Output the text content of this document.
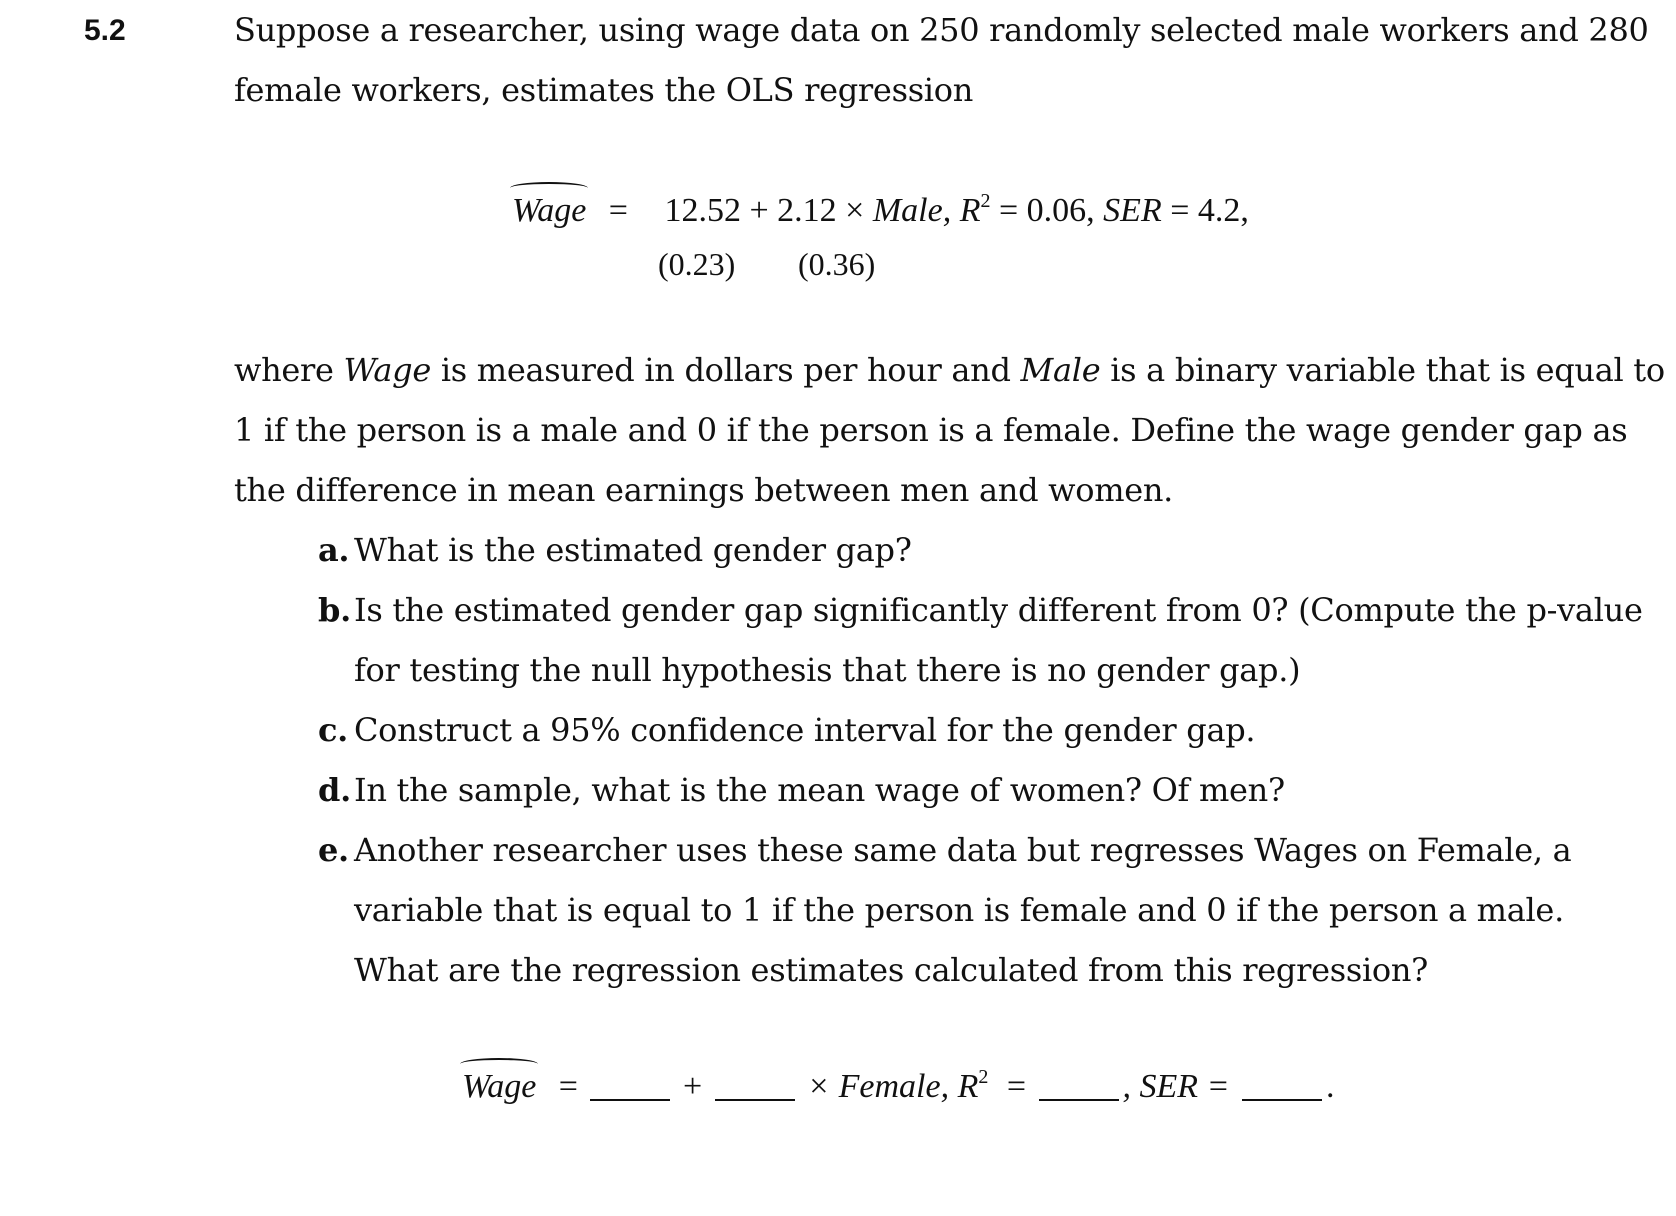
5.2	Suppose a researcher, using wage data on 250 randomly selected male workers and 280
female workers, estimates the OLS regression
Wage = 12.52 + 2.12 × Male, $R^2 = 0.06$, SER = 4.2,
(0.23) (0.36)
where Wage is measured in dollars per hour and Male is a binary variable that is equal to
1 if the person is a male and 0 if the person is a female. Define the wage gender gap as
the difference in mean earnings between men and women.
a. What is the estimated gender gap?
b. Is the estimated gender gap significantly different from 0? (Compute the p-value
for testing the null hypothesis that there is no gender gap.)
c. Construct a 95% confidence interval for the gender gap.
d. In the sample, what is the mean wage of women? Of men?
e. Another researcher uses these same data but regresses Wages on Female, a
variable that is equal to 1 if the person is female and 0 if the person a male.
What are the regression estimates calculated from this regression?
Wage =	+	× Female, $R^2$ =	, SER =	.
